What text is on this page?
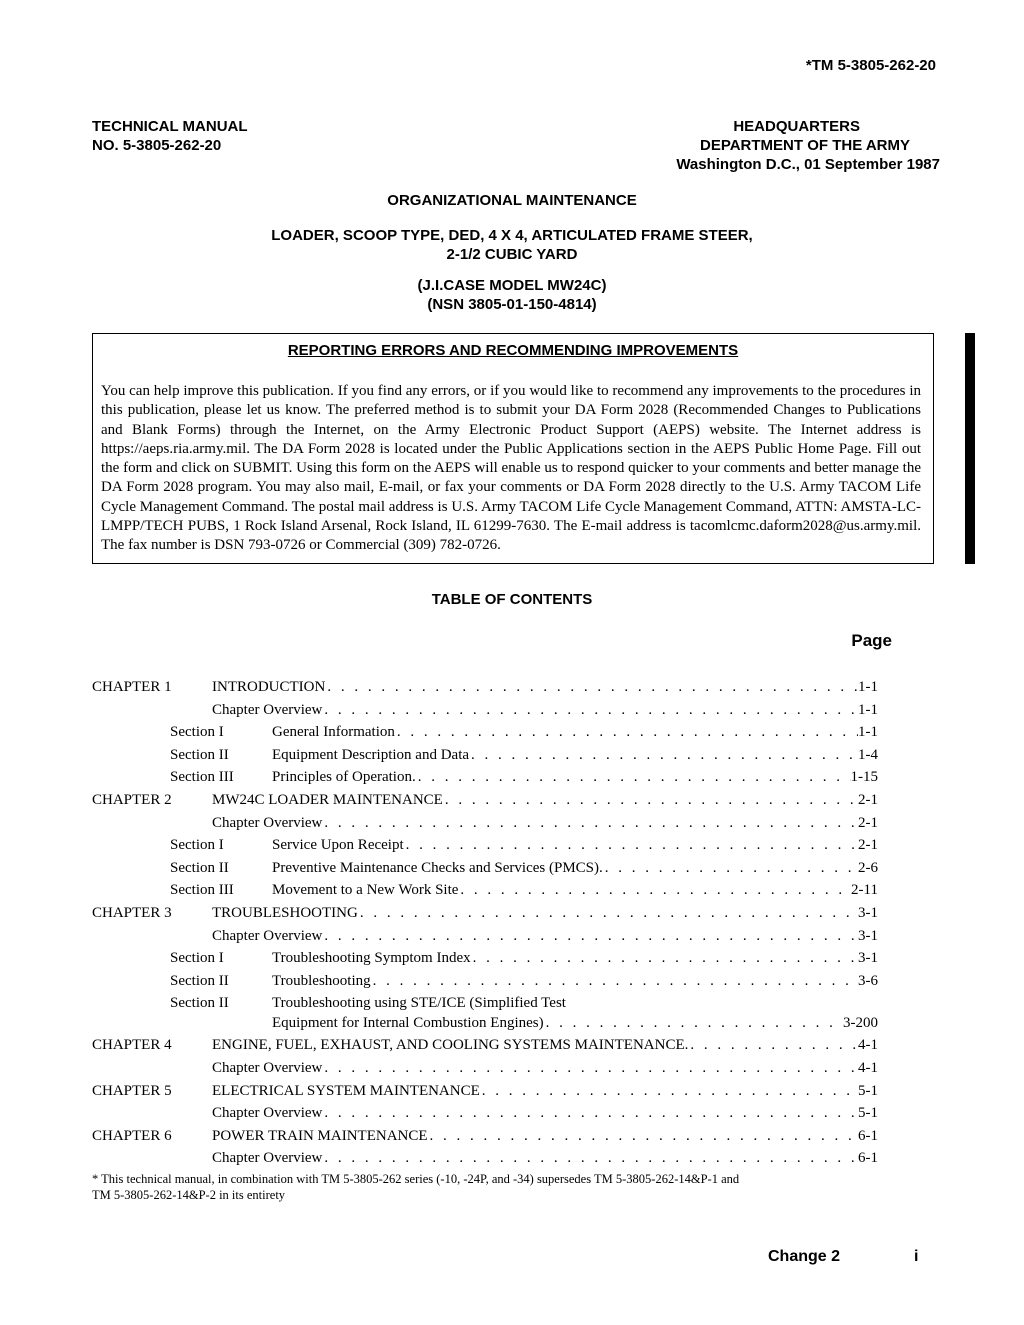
*TM 5-3805-262-20
TECHNICAL MANUAL
NO. 5-3805-262-20
HEADQUARTERS
DEPARTMENT OF THE ARMY
Washington D.C., 01 September 1987
ORGANIZATIONAL MAINTENANCE
LOADER, SCOOP TYPE, DED, 4 X 4, ARTICULATED FRAME STEER,
2-1/2 CUBIC YARD
(J.I.CASE MODEL MW24C)
(NSN 3805-01-150-4814)
REPORTING ERRORS AND RECOMMENDING IMPROVEMENTS
You can help improve this publication. If you find any errors, or if you would like to recommend any improvements to the procedures in this publication, please let us know. The preferred method is to submit your DA Form 2028 (Recommended Changes to Publications and Blank Forms) through the Internet, on the Army Electronic Product Support (AEPS) website. The Internet address is https://aeps.ria.army.mil. The DA Form 2028 is located under the Public Applications section in the AEPS Public Home Page. Fill out the form and click on SUBMIT. Using this form on the AEPS will enable us to respond quicker to your comments and better manage the DA Form 2028 program. You may also mail, E-mail, or fax your comments or DA Form 2028 directly to the U.S. Army TACOM Life Cycle Management Command. The postal mail address is U.S. Army TACOM Life Cycle Management Command, ATTN: AMSTA-LC-LMPP/TECH PUBS, 1 Rock Island Arsenal, Rock Island, IL 61299-7630. The E-mail address is tacomlcmc.daform2028@us.army.mil. The fax number is DSN 793-0726 or Commercial (309) 782-0726.
TABLE OF CONTENTS
Page
CHAPTER 1	INTRODUCTION . . .	1-1
Chapter Overview . . .	1-1
Section I	General Information . . .	1-1
Section II	Equipment Description and Data . . .	1-4
Section III	Principles of Operation. . . .	1-15
CHAPTER 2	MW24C LOADER MAINTENANCE . . .	2-1
Chapter Overview . . .	2-1
Section I	Service Upon Receipt . . .	2-1
Section II	Preventive Maintenance Checks and Services (PMCS). . . .	2-6
Section III	Movement to a New Work Site . . .	2-11
CHAPTER 3	TROUBLESHOOTING . . .	3-1
Chapter Overview . . .	3-1
Section I	Troubleshooting Symptom Index . . .	3-1
Section II	Troubleshooting . . .	3-6
Section II	Troubleshooting using STE/ICE (Simplified Test
Equipment for Internal Combustion Engines) . . .	3-200
CHAPTER 4	ENGINE, FUEL, EXHAUST, AND COOLING SYSTEMS MAINTENANCE. . . .	4-1
Chapter Overview . . .	4-1
CHAPTER 5	ELECTRICAL SYSTEM MAINTENANCE . . .	5-1
Chapter Overview . . .	5-1
CHAPTER 6	POWER TRAIN MAINTENANCE . . .	6-1
Chapter Overview . . .	6-1
* This technical manual, in combination with TM 5-3805-262 series (-10, -24P, and -34) supersedes TM 5-3805-262-14&P-1 and
TM 5-3805-262-14&P-2 in its entirety
Change 2	i
